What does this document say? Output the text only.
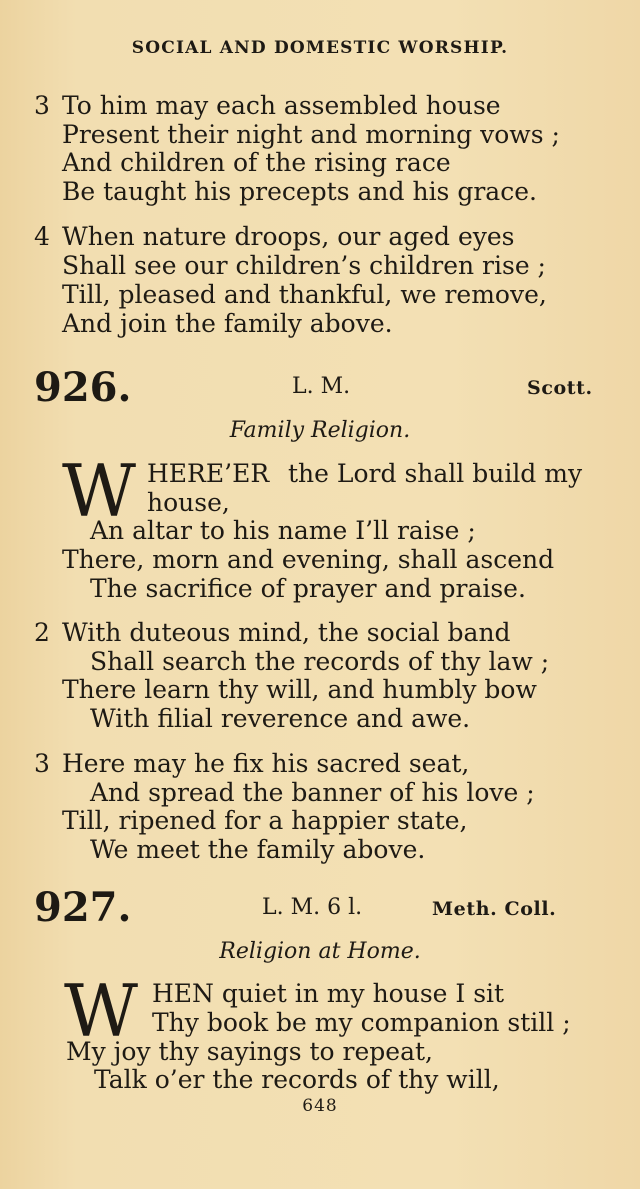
SOCIAL AND DOMESTIC WORSHIP.
3 To him may each assembled house
Present their night and morning vows ;
And children of the rising race
Be taught his precepts and his grace.
4 When nature droops, our aged eyes
Shall see our children’s children rise ;
Till, pleased and thankful, we remove,
And join the family above.
926.	L. M.	Scott.
Family Religion.
W HERE’ER the Lord shall build my
house,
An altar to his name I’ll raise ;
There, morn and evening, shall ascend
The sacrifice of prayer and praise.
2 With duteous mind, the social band
Shall search the records of thy law ;
There learn thy will, and humbly bow
With filial reverence and awe.
3 Here may he fix his sacred seat,
And spread the banner of his love ;
Till, ripened for a happier state,
We meet the family above.
927.	L. M. 6 l.	Meth. Coll.
Religion at Home.
W HEN quiet in my house I sit
Thy book be my companion still ;
My joy thy sayings to repeat,
Talk o’er the records of thy will,
648
